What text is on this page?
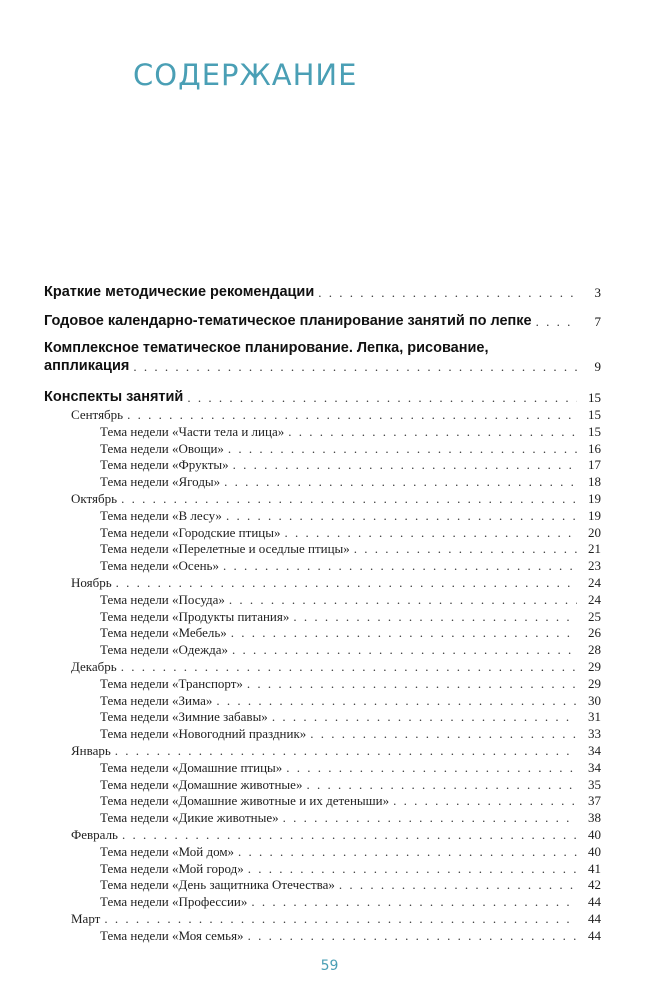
СОДЕРЖАНИЕ
Краткие методические рекомендации . . .	3
Годовое календарно-тематическое планирование занятий по лепке . . .	7
Комплексное тематическое планирование. Лепка, рисование,
аппликация . . .	9
Конспекты занятий . . .	15
Сентябрь . . .	15
Тема недели «Части тела и лица» . . .	15
Тема недели «Овощи» . . .	16
Тема недели «Фрукты» . . .	17
Тема недели «Ягоды» . . .	18
Октябрь . . .	19
Тема недели «В лесу» . . .	19
Тема недели «Городские птицы» . . .	20
Тема недели «Перелетные и оседлые птицы» . . .	21
Тема недели «Осень» . . .	23
Ноябрь . . .	24
Тема недели «Посуда» . . .	24
Тема недели «Продукты питания» . . .	25
Тема недели «Мебель» . . .	26
Тема недели «Одежда» . . .	28
Декабрь . . .	29
Тема недели «Транспорт» . . .	29
Тема недели «Зима» . . .	30
Тема недели «Зимние забавы» . . .	31
Тема недели «Новогодний праздник» . . .	33
Январь . . .	34
Тема недели «Домашние птицы» . . .	34
Тема недели «Домашние животные» . . .	35
Тема недели «Домашние животные и их детеныши» . . .	37
Тема недели «Дикие животные» . . .	38
Февраль . . .	40
Тема недели «Мой дом» . . .	40
Тема недели «Мой город» . . .	41
Тема недели «День защитника Отечества» . . .	42
Тема недели «Профессии» . . .	44
Март . . .	44
Тема недели «Моя семья» . . .	44
59
